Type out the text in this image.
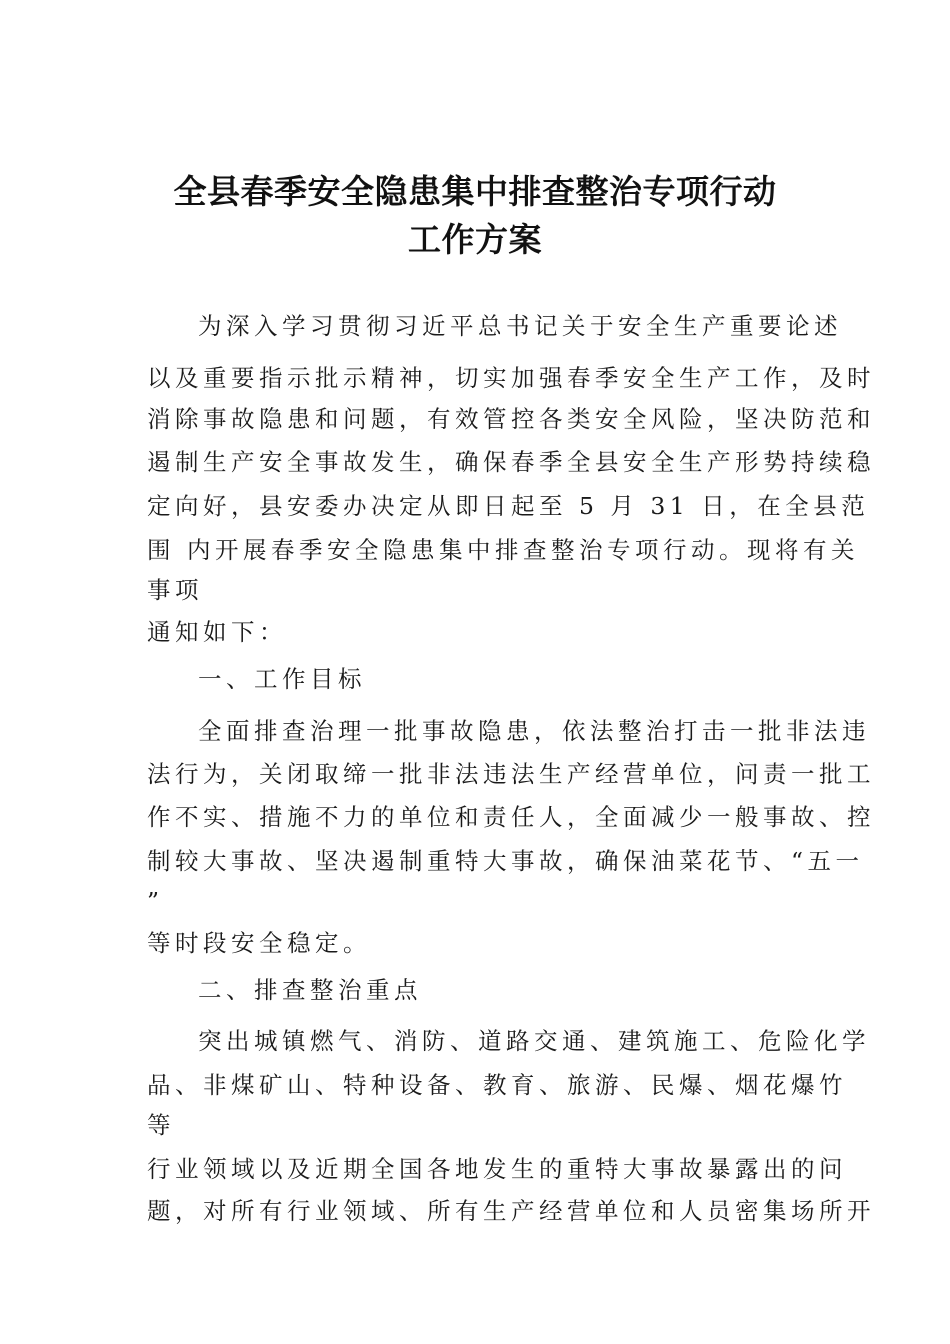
全县春季安全隐患集中排查整治专项行动
工作方案
为深入学习贯彻习近平总书记关于安全生产重要论述
以及重要指示批示精神，切实加强春季安全生产工作，及时
消除事故隐患和问题，有效管控各类安全风险，坚决防范和
遏制生产安全事故发生，确保春季全县安全生产形势持续稳
定向好，县安委办决定从即日起至 5 月 31 日，在全县范
围 内开展春季安全隐患集中排查整治专项行动。现将有关
事项
通知如下：
一、工作目标
全面排查治理一批事故隐患，依法整治打击一批非法违
法行为，关闭取缔一批非法违法生产经营单位，问责一批工
作不实、措施不力的单位和责任人，全面减少一般事故、控
制较大事故、坚决遏制重特大事故，确保油菜花节、“五一
”
等时段安全稳定。
二、排查整治重点
突出城镇燃气、消防、道路交通、建筑施工、危险化学
品、非煤矿山、特种设备、教育、旅游、民爆、烟花爆竹
等
行业领域以及近期全国各地发生的重特大事故暴露出的问
题，对所有行业领域、所有生产经营单位和人员密集场所开
